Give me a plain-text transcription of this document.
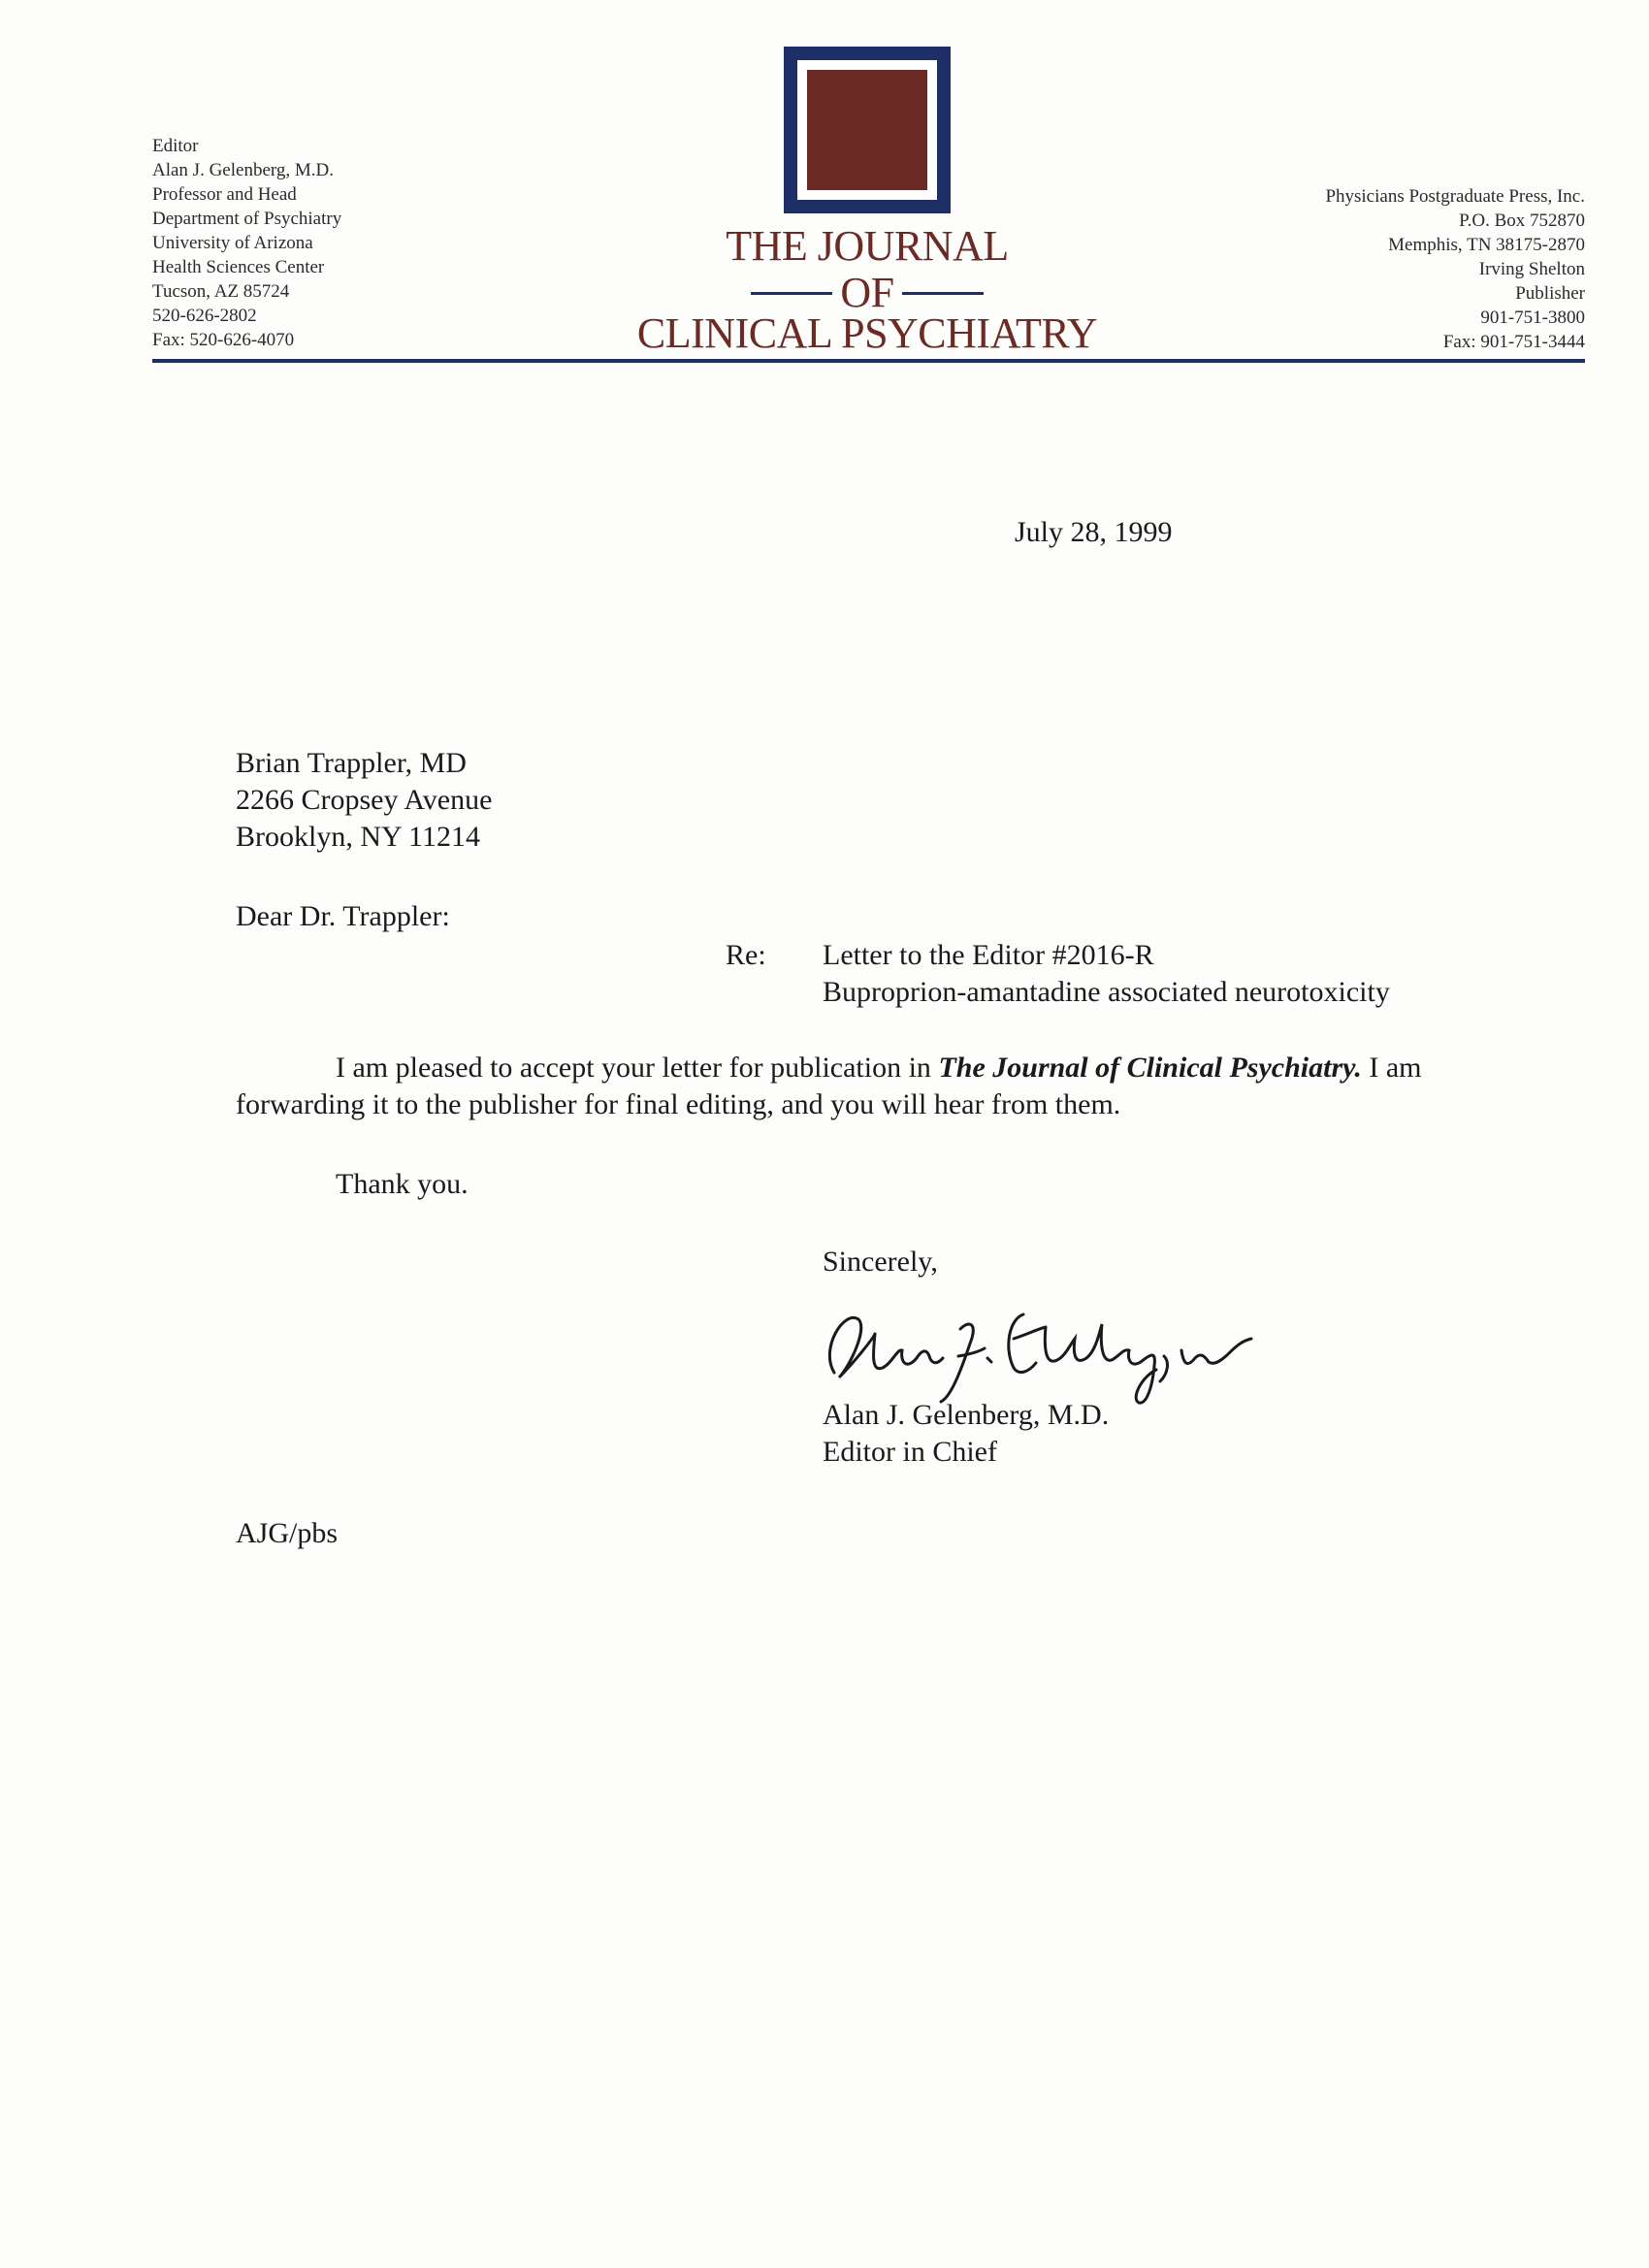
Editor
Alan J. Gelenberg, M.D.
Professor and Head
Department of Psychiatry
University of Arizona
Health Sciences Center
Tucson, AZ 85724
520-626-2802
Fax: 520-626-4070
THE JOURNAL
OF
CLINICAL PSYCHIATRY
Physicians Postgraduate Press, Inc.
P.O. Box 752870
Memphis, TN 38175-2870
Irving Shelton
Publisher
901-751-3800
Fax: 901-751-3444
July 28, 1999
Brian Trappler, MD
2266 Cropsey Avenue
Brooklyn, NY 11214
Dear Dr. Trappler:
Re: Letter to the Editor #2016-R
Buproprion-amantadine associated neurotoxicity
I am pleased to accept your letter for publication in The Journal of Clinical Psychiatry. I am forwarding it to the publisher for final editing, and you will hear from them.
Thank you.
Sincerely,
Alan J. Gelenberg, M.D.
Editor in Chief
AJG/pbs
